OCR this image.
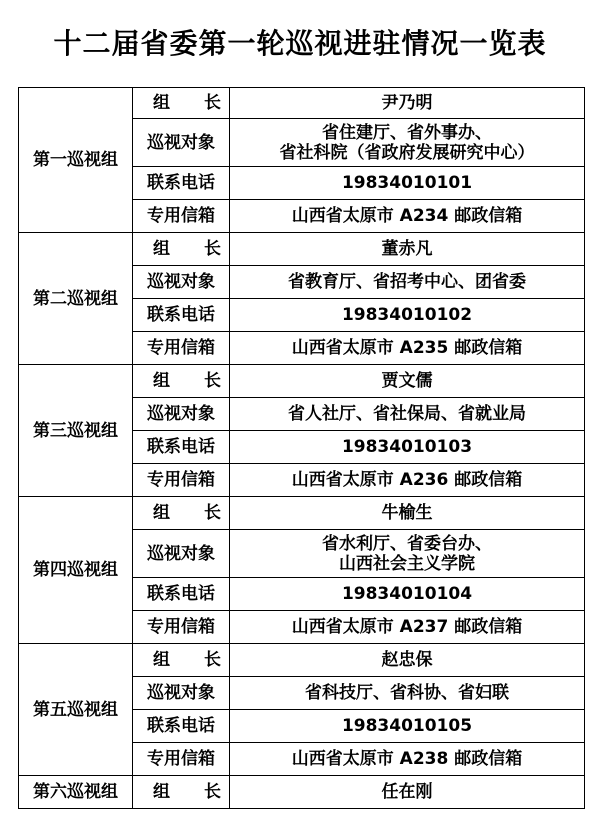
十二届省委第一轮巡视进驻情况一览表
第一巡视组	组　　长	尹乃明
	巡视对象	省住建厅、省外事办、
省社科院（省政府发展研究中心）

	联系电话	19834010101
	专用信箱	山西省太原市 A234 邮政信箱
第二巡视组	组　　长	董赤凡
	巡视对象	省教育厅、省招考中心、团省委
	联系电话	19834010102
	专用信箱	山西省太原市 A235 邮政信箱
第三巡视组	组　　长	贾文儒
	巡视对象	省人社厅、省社保局、省就业局
	联系电话	19834010103
	专用信箱	山西省太原市 A236 邮政信箱
第四巡视组	组　　长	牛榆生
	巡视对象	省水利厅、省委台办、
山西社会主义学院

	联系电话	19834010104
	专用信箱	山西省太原市 A237 邮政信箱
第五巡视组	组　　长	赵忠保
	巡视对象	省科技厅、省科协、省妇联
	联系电话	19834010105
	专用信箱	山西省太原市 A238 邮政信箱
第六巡视组	组　　长	任在刚
